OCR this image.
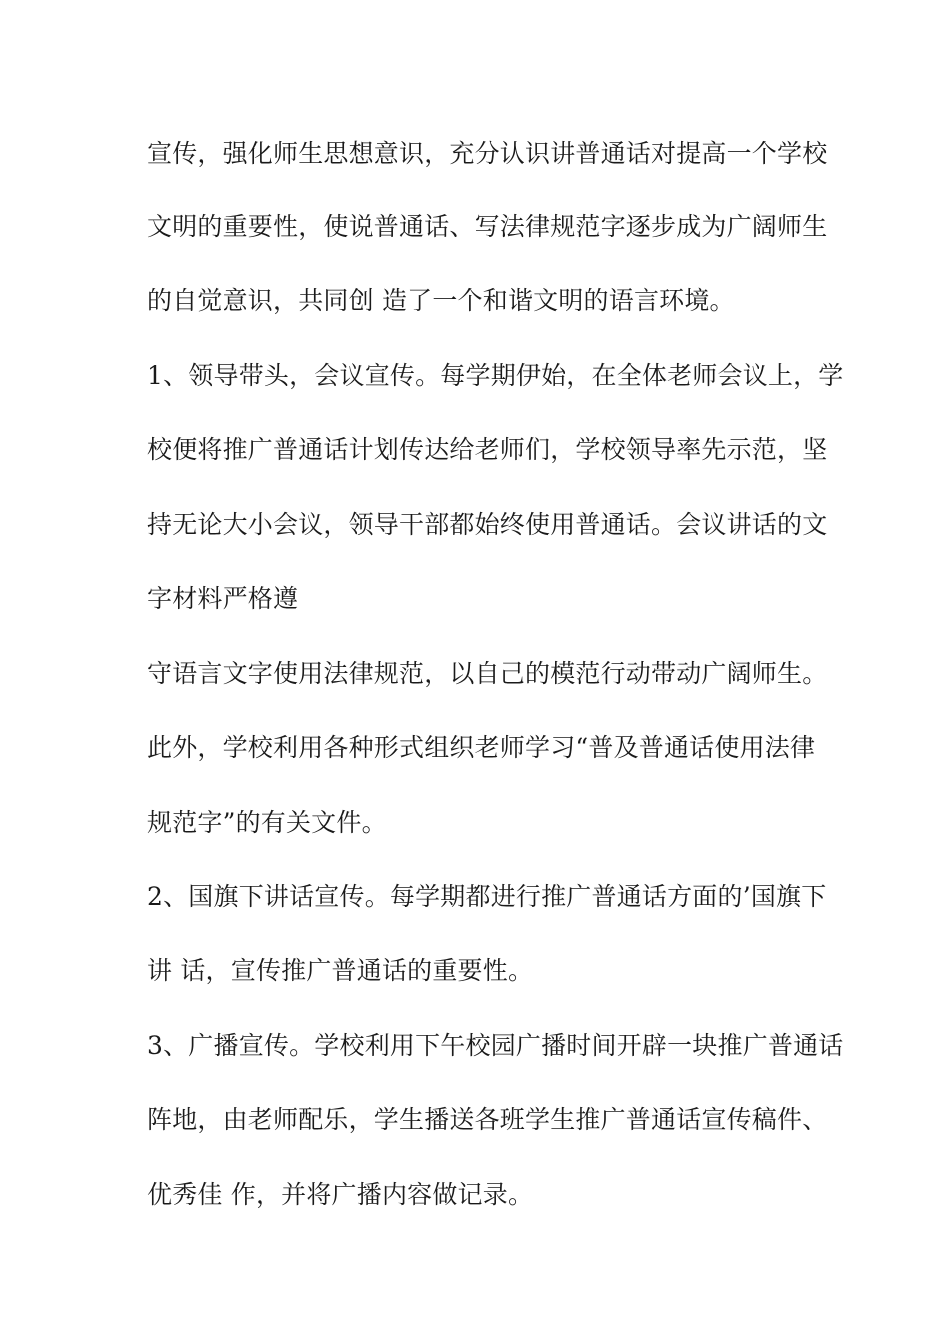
宣传，强化师生思想意识，充分认识讲普通话对提高一个学校
文明的重要性，使说普通话、写法律规范字逐步成为广阔师生
的自觉意识，共同创 造了一个和谐文明的语言环境。
1、领导带头，会议宣传。每学期伊始，在全体老师会议上，学
校便将推广普通话计划传达给老师们，学校领导率先示范，坚
持无论大小会议，领导干部都始终使用普通话。会议讲话的文
字材料严格遵
守语言文字使用法律规范，以自己的模范行动带动广阔师生。
此外，学校利用各种形式组织老师学习“普及普通话使用法律
规范字”的有关文件。
2、国旗下讲话宣传。每学期都进行推广普通话方面的’国旗下
讲 话，宣传推广普通话的重要性。
3、广播宣传。学校利用下午校园广播时间开辟一块推广普通话
阵地，由老师配乐，学生播送各班学生推广普通话宣传稿件、
优秀佳 作，并将广播内容做记录。
